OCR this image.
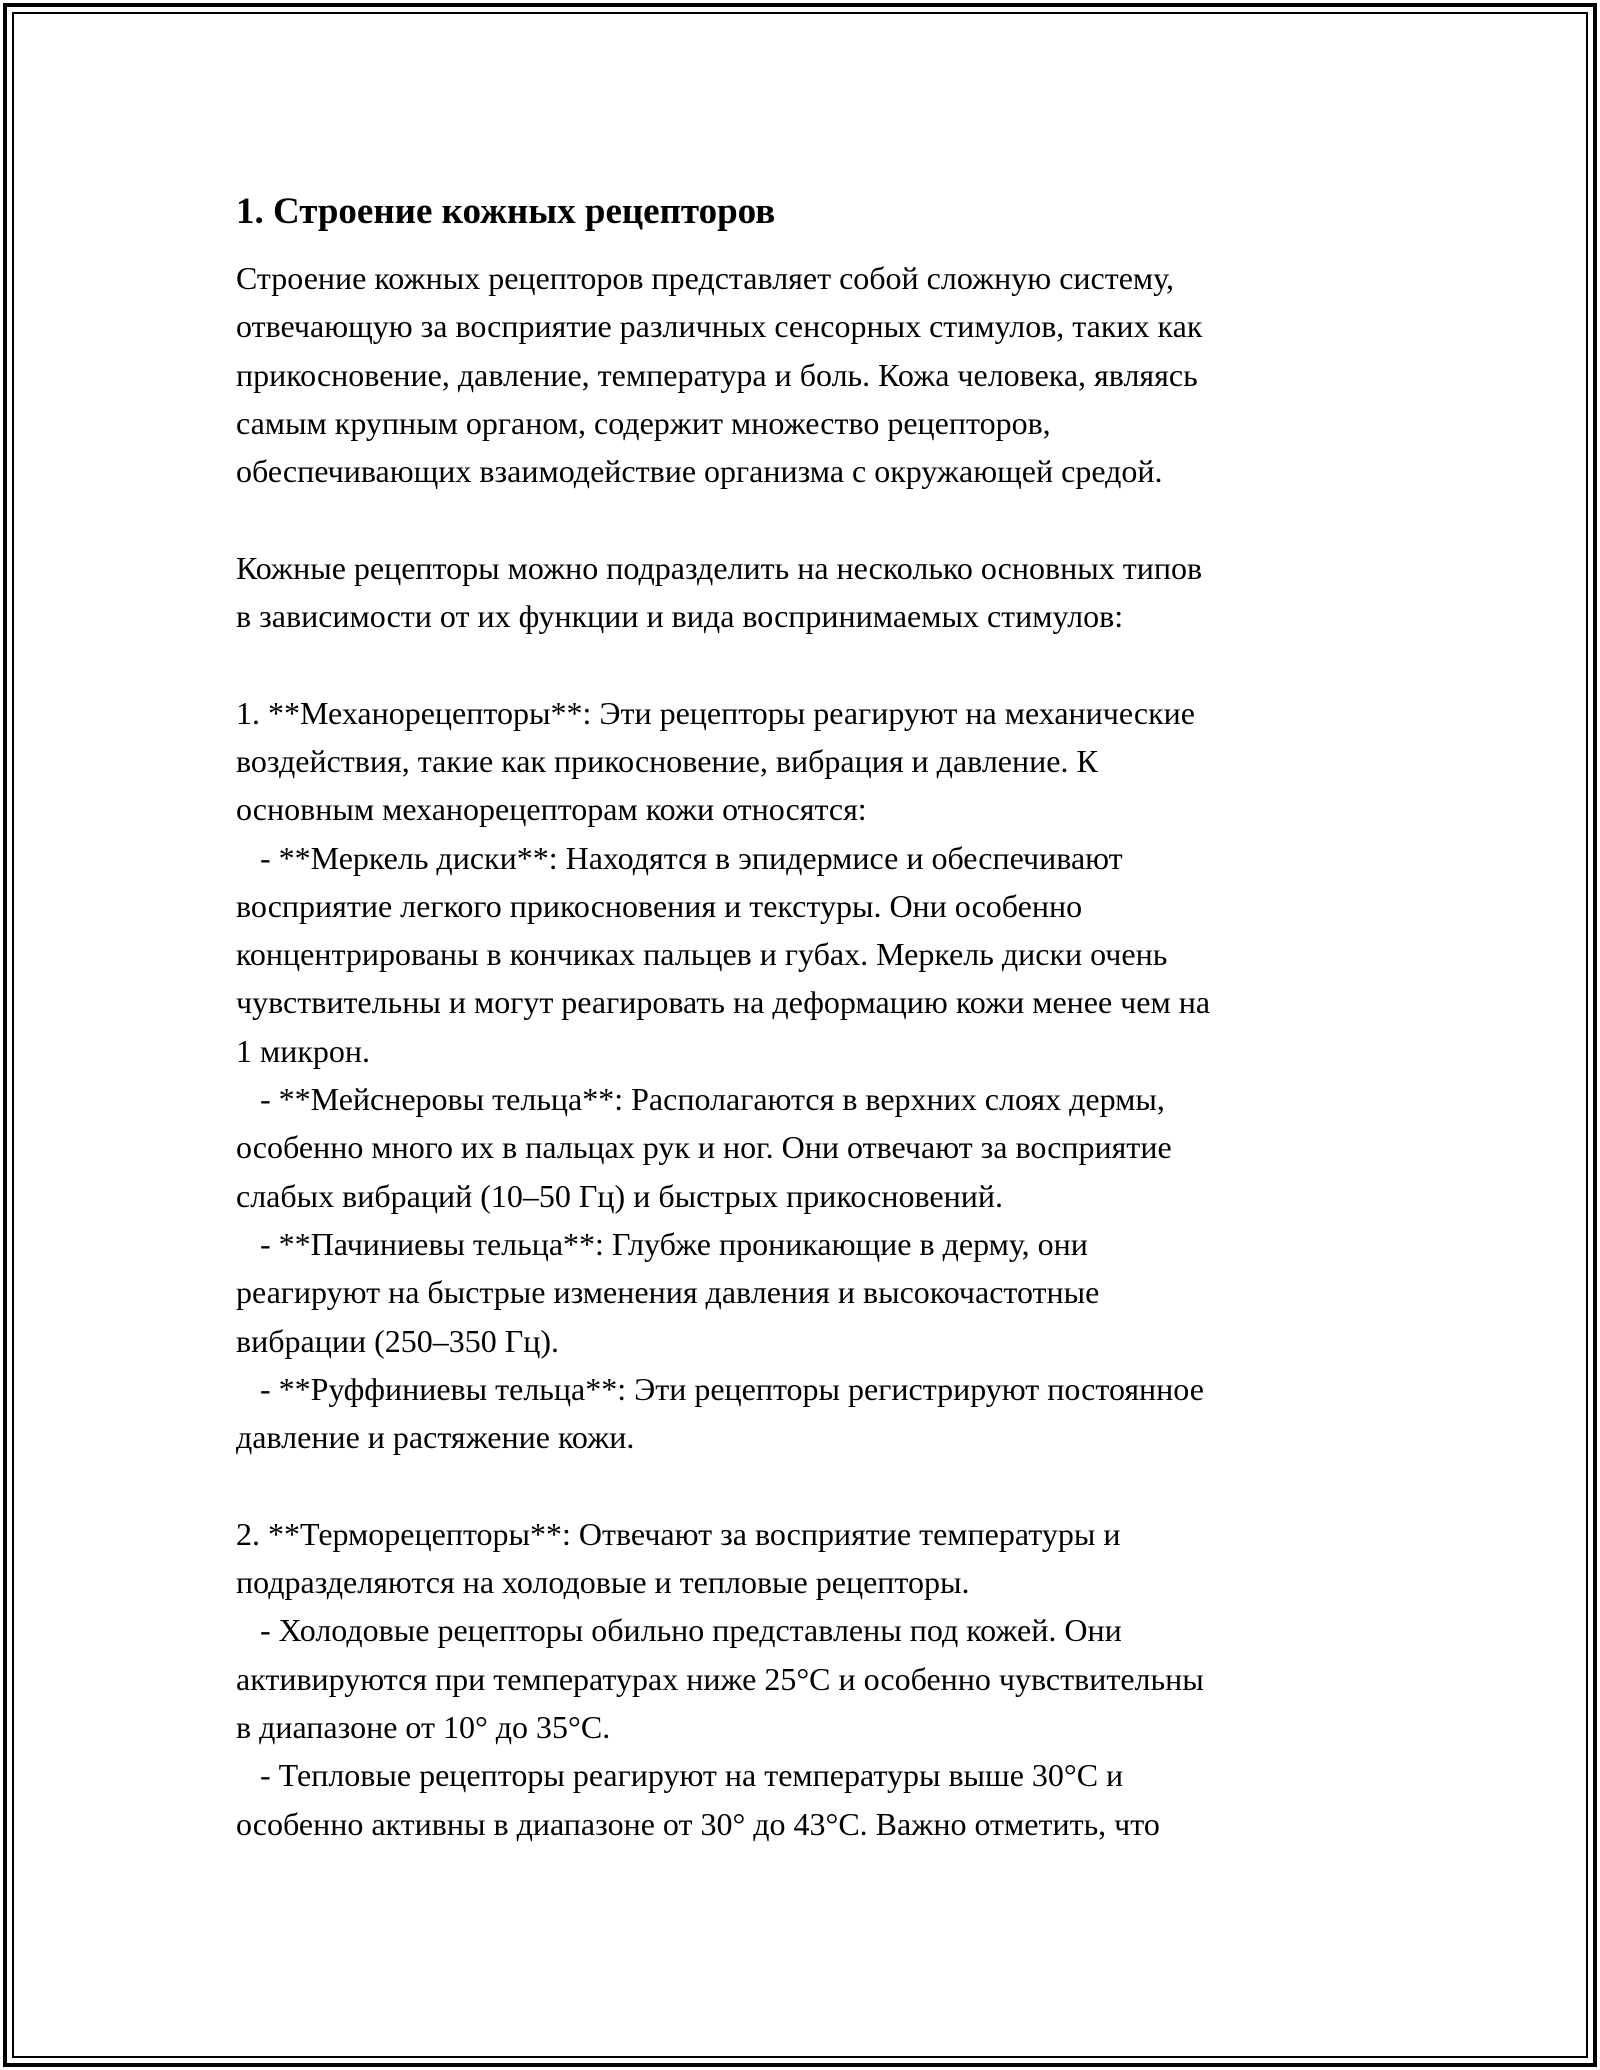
1. Строение кожных рецепторов
Строение кожных рецепторов представляет собой сложную систему,
отвечающую за восприятие различных сенсорных стимулов, таких как
прикосновение, давление, температура и боль. Кожа человека, являясь
самым крупным органом, содержит множество рецепторов,
обеспечивающих взаимодействие организма с окружающей средой.
Кожные рецепторы можно подразделить на несколько основных типов
в зависимости от их функции и вида воспринимаемых стимулов:
1. **Механорецепторы**: Эти рецепторы реагируют на механические
воздействия, такие как прикосновение, вибрация и давление. К
основным механорецепторам кожи относятся:
- **Меркель диски**: Находятся в эпидермисе и обеспечивают
восприятие легкого прикосновения и текстуры. Они особенно
концентрированы в кончиках пальцев и губах. Меркель диски очень
чувствительны и могут реагировать на деформацию кожи менее чем на
1 микрон.
- **Мейснеровы тельца**: Располагаются в верхних слоях дермы,
особенно много их в пальцах рук и ног. Они отвечают за восприятие
слабых вибраций (10–50 Гц) и быстрых прикосновений.
- **Пачиниевы тельца**: Глубже проникающие в дерму, они
реагируют на быстрые изменения давления и высокочастотные
вибрации (250–350 Гц).
- **Руффиниевы тельца**: Эти рецепторы регистрируют постоянное
давление и растяжение кожи.
2. **Терморецепторы**: Отвечают за восприятие температуры и
подразделяются на холодовые и тепловые рецепторы.
- Холодовые рецепторы обильно представлены под кожей. Они
активируются при температурах ниже 25°С и особенно чувствительны
в диапазоне от 10° до 35°С.
- Тепловые рецепторы реагируют на температуры выше 30°С и
особенно активны в диапазоне от 30° до 43°С. Важно отметить, что
